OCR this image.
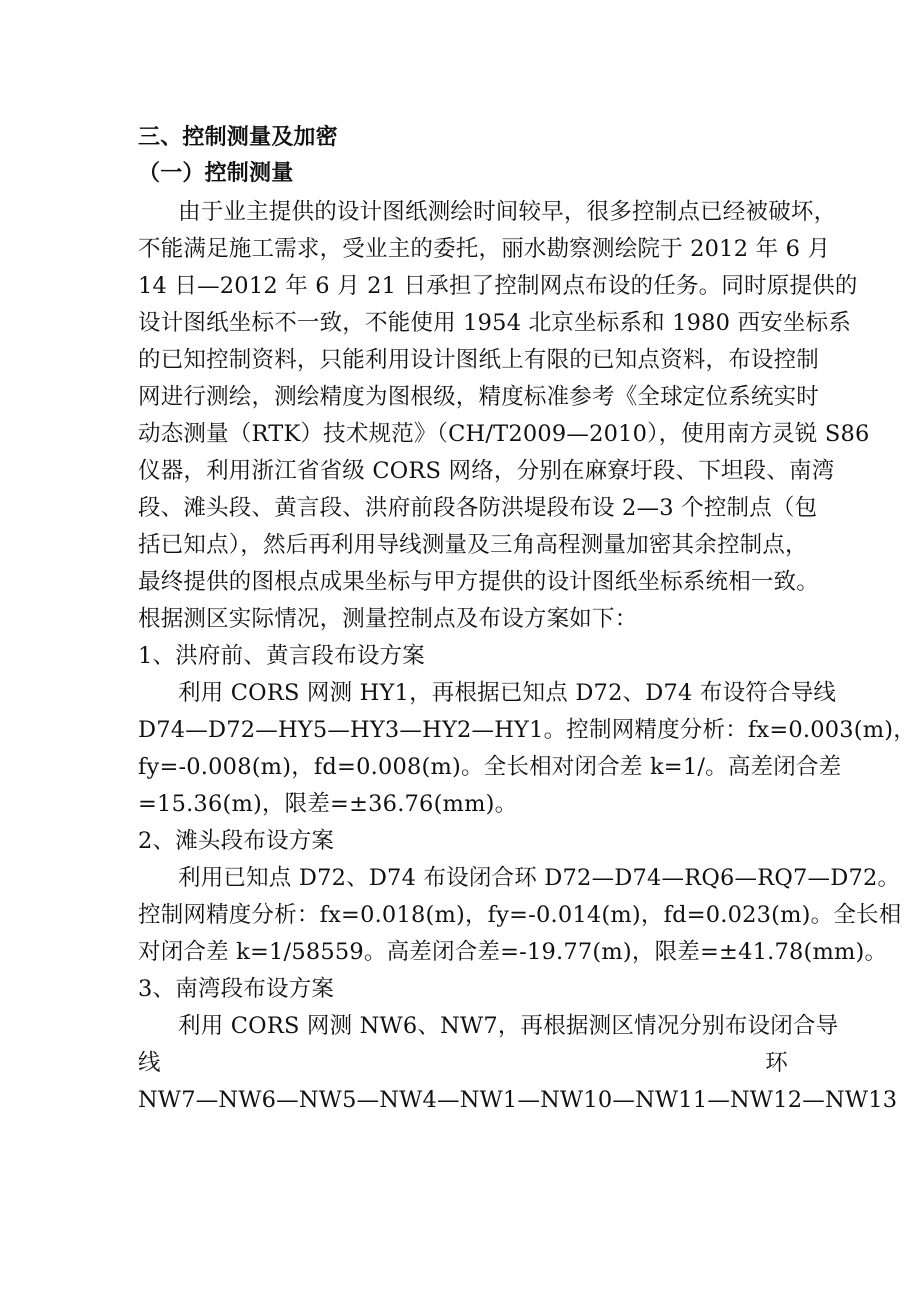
三、控制测量及加密
（一）控制测量
由于业主提供的设计图纸测绘时间较早，很多控制点已经被破坏，
不能满足施工需求，受业主的委托，丽水勘察测绘院于 2012 年 6 月
14 日—2012 年 6 月 21 日承担了控制网点布设的任务。同时原提供的
设计图纸坐标不一致，不能使用 1954 北京坐标系和 1980 西安坐标系
的已知控制资料，只能利用设计图纸上有限的已知点资料，布设控制
网进行测绘，测绘精度为图根级，精度标准参考《全球定位系统实时
动态测量（RTK）技术规范》（CH/T2009—2010），使用南方灵锐 S86
仪器，利用浙江省省级 CORS 网络，分别在麻寮圩段、下坦段、南湾
段、滩头段、黄言段、洪府前段各防洪堤段布设 2—3 个控制点（包
括已知点），然后再利用导线测量及三角高程测量加密其余控制点，
最终提供的图根点成果坐标与甲方提供的设计图纸坐标系统相一致。
根据测区实际情况，测量控制点及布设方案如下：
1、洪府前、黄言段布设方案
利用 CORS 网测 HY1，再根据已知点 D72、D74 布设符合导线
D74—D72—HY5—HY3—HY2—HY1。控制网精度分析：fx=0.003(m)，
fy=-0.008(m)，fd=0.008(m)。全长相对闭合差 k=1/。高差闭合差
=15.36(m)，限差=±36.76(mm)。
2、滩头段布设方案
利用已知点 D72、D74 布设闭合环 D72—D74—RQ6—RQ7—D72。
控制网精度分析：fx=0.018(m)，fy=-0.014(m)，fd=0.023(m)。全长相
对闭合差 k=1/58559。高差闭合差=-19.77(m)，限差=±41.78(mm)。
3、南湾段布设方案
利用 CORS 网测 NW6、NW7，再根据测区情况分别布设闭合导
线	环
NW7—NW6—NW5—NW4—NW1—NW10—NW11—NW12—NW13
